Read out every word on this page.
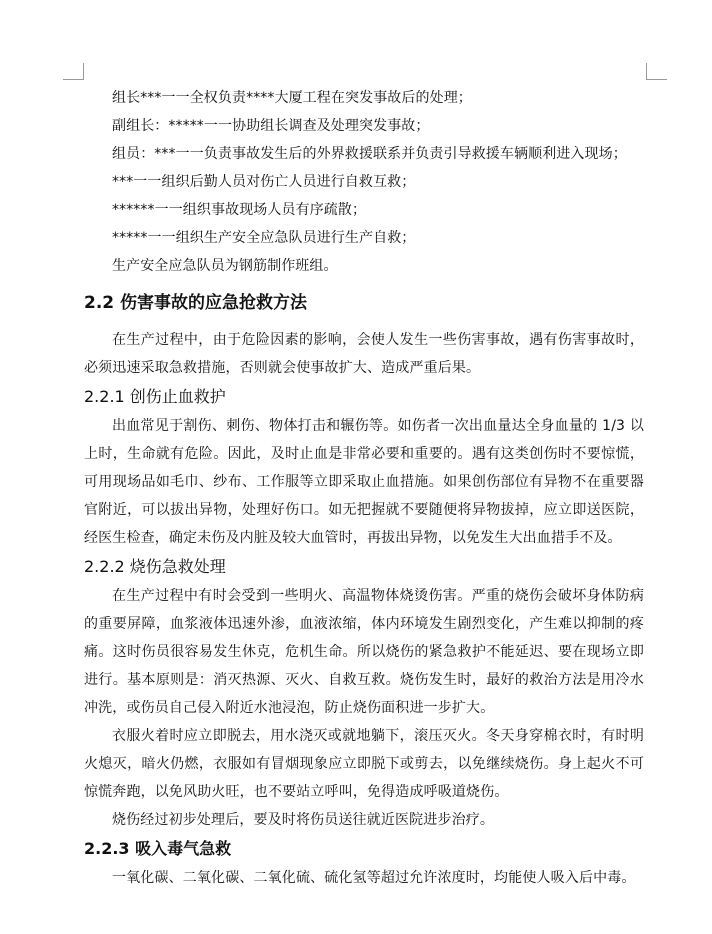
组长***一一全权负责****大厦工程在突发事故后的处理；
副组长：*****一一协助组长调查及处理突发事故；
组员：***一一负责事故发生后的外界救援联系并负责引导救援车辆顺利进入现场；
***一一组织后勤人员对伤亡人员进行自救互救；
******一一组织事故现场人员有序疏散；
*****一一组织生产安全应急队员进行生产自救；
生产安全应急队员为钢筋制作班组。
2.2 伤害事故的应急抢救方法

在生产过程中，由于危险因素的影响，会使人发生一些伤害事故，遇有伤害事故时，必须迅速采取急救措施，否则就会使事故扩大、造成严重后果。

2.2.1 创伤止血救护

出血常见于割伤、刺伤、物体打击和辗伤等。如伤者一次出血量达全身血量的 1/3 以上时，生命就有危险。因此，及时止血是非常必要和重要的。遇有这类创伤时不要惊慌，可用现场品如毛巾、纱布、工作服等立即采取止血措施。如果创伤部位有异物不在重要器官附近，可以拔出异物，处理好伤口。如无把握就不要随便将异物拔掉，应立即送医院，经医生检查，确定未伤及内脏及较大血管时，再拔出异物，以免发生大出血措手不及。

2.2.2 烧伤急救处理

在生产过程中有时会受到一些明火、高温物体烧烫伤害。严重的烧伤会破坏身体防病的重要屏障，血浆液体迅速外渗，血液浓缩，体内环境发生剧烈变化，产生难以抑制的疼痛。这时伤员很容易发生休克，危机生命。所以烧伤的紧急救护不能延迟、要在现场立即进行。基本原则是：消灭热源、灭火、自救互救。烧伤发生时，最好的救治方法是用冷水冲洗，或伤员自己侵入附近水池浸泡，防止烧伤面积进一步扩大。

衣服火着时应立即脱去，用水浇灭或就地躺下，滚压灭火。冬天身穿棉衣时，有时明火熄灭，暗火仍燃，衣服如有冒烟现象应立即脱下或剪去，以免继续烧伤。身上起火不可惊慌奔跑，以免风助火旺，也不要站立呼叫，免得造成呼吸道烧伤。

烧伤经过初步处理后，要及时将伤员送往就近医院进步治疗。

2.2.3 吸入毒气急救

一氧化碳、二氧化碳、二氧化硫、硫化氢等超过允许浓度时，均能使人吸入后中毒。
